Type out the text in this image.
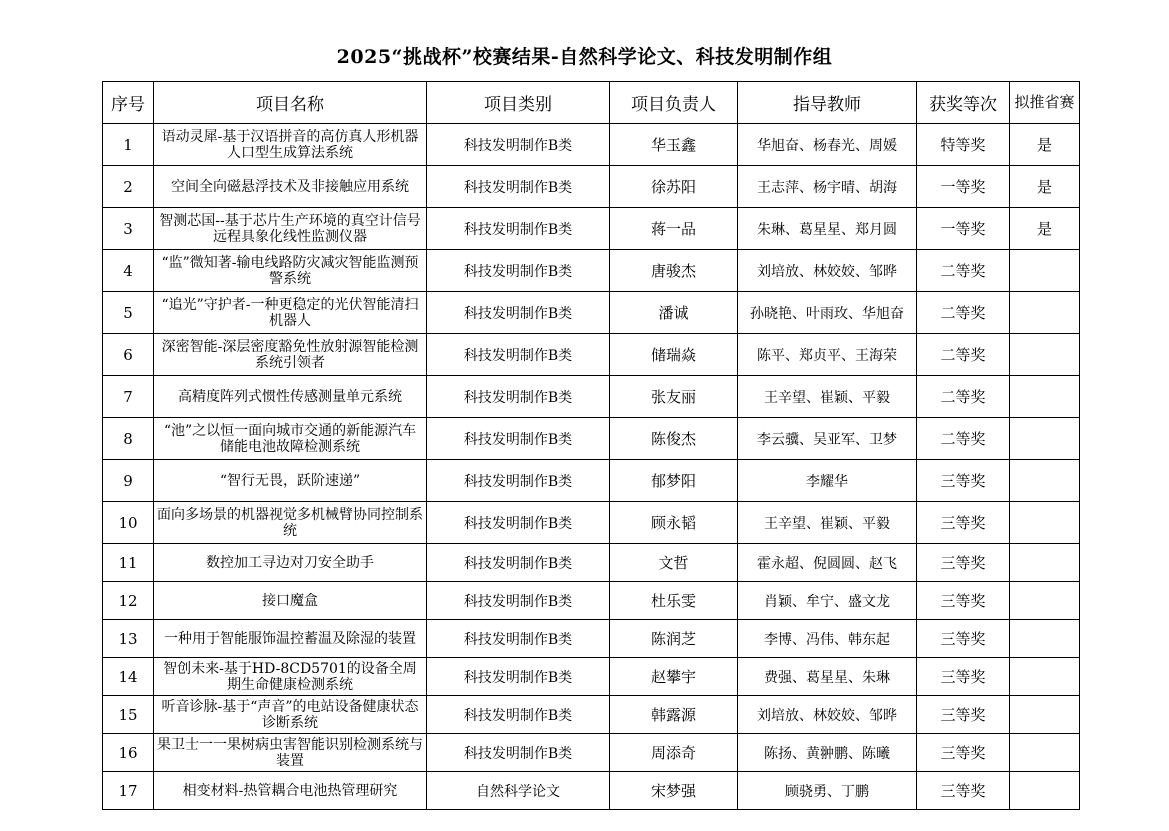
2025“挑战杯”校赛结果-自然科学论文、科技发明制作组
序号	项目名称	项目类别	项目负责人	指导教师	获奖等次	拟推省赛
1	语动灵犀-基于汉语拼音的高仿真人形机器人口型生成算法系统	科技发明制作B类	华玉鑫	华旭奋、杨春光、周媛	特等奖	是
2	空间全向磁悬浮技术及非接触应用系统	科技发明制作B类	徐苏阳	王志萍、杨宇晴、胡海	一等奖	是
3	智测芯国--基于芯片生产环境的真空计信号远程具象化线性监测仪器	科技发明制作B类	蒋一品	朱琳、葛星星、郑月圆	一等奖	是
4	“监”微知著-输电线路防灾减灾智能监测预警系统	科技发明制作B类	唐骏杰	刘培放、林姣姣、邹晔	二等奖	
5	“追光”守护者-一种更稳定的光伏智能清扫机器人	科技发明制作B类	潘诚	孙晓艳、叶雨玫、华旭奋	二等奖	
6	深密智能-深层密度豁免性放射源智能检测系统引领者	科技发明制作B类	储瑞焱	陈平、郑贞平、王海荣	二等奖	
7	高精度阵列式惯性传感测量单元系统	科技发明制作B类	张友丽	王辛望、崔颖、平毅	二等奖	
8	“池”之以恒一面向城市交通的新能源汽车储能电池故障检测系统	科技发明制作B类	陈俊杰	李云骥、吴亚军、卫梦	二等奖	
9	“智行无畏，跃阶速递”	科技发明制作B类	郁梦阳	李耀华	三等奖	
10	面向多场景的机器视觉多机械臂协同控制系统	科技发明制作B类	顾永韬	王辛望、崔颖、平毅	三等奖	
11	数控加工寻边对刀安全助手	科技发明制作B类	文哲	霍永超、倪圆圆、赵飞	三等奖	
12	接口魔盒	科技发明制作B类	杜乐雯	肖颖、牟宁、盛文龙	三等奖	
13	一种用于智能服饰温控蓄温及除湿的装置	科技发明制作B类	陈润芝	李博、冯伟、韩东起	三等奖	
14	智创未来-基于HD-8CD5701的设备全周期生命健康检测系统	科技发明制作B类	赵攀宇	费强、葛星星、朱琳	三等奖	
15	听音诊脉-基于“声音”的电站设备健康状态诊断系统	科技发明制作B类	韩露源	刘培放、林姣姣、邹晔	三等奖	
16	果卫士一一果树病虫害智能识别检测系统与装置	科技发明制作B类	周添奇	陈扬、黄翀鹏、陈曦	三等奖	
17	相变材料-热管耦合电池热管理研究	自然科学论文	宋梦强	顾骁勇、丁鹏	三等奖	
